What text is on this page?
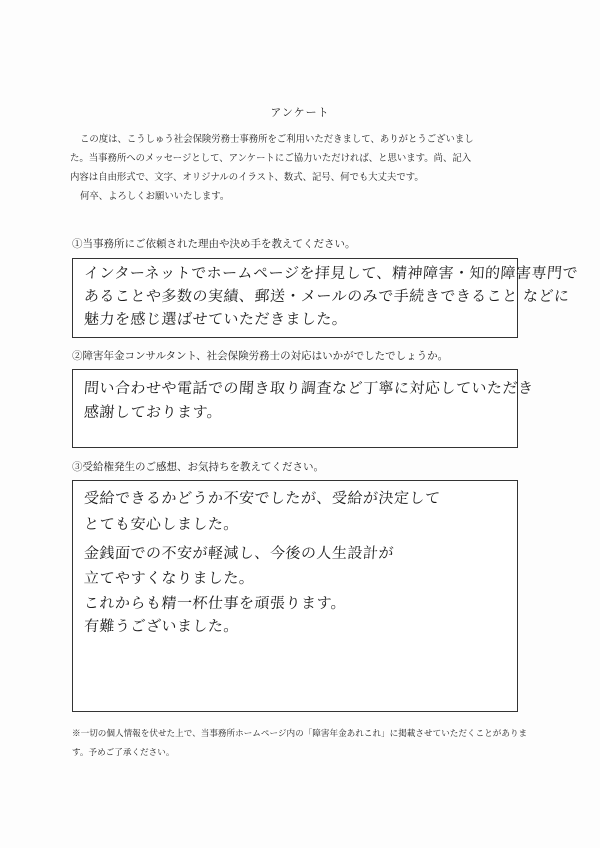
アンケート

この度は、こうしゅう社会保険労務士事務所をご利用いただきまして、ありがとうございまし

た。当事務所へのメッセージとして、アンケートにご協力いただければ、と思います。尚、記入

内容は自由形式で、文字、オリジナルのイラスト、数式、記号、何でも大丈夫です。

何卒、よろしくお願いいたします。

①当事務所にご依頼された理由や決め手を教えてください。
インターネットでホームページを拝見して、精神障害・知的障害専門で
あることや多数の実績、郵送・メールのみで手続きできること などに
魅力を感じ選ばせていただきました。
②障害年金コンサルタント、社会保険労務士の対応はいかがでしたでしょうか。
問い合わせや電話での聞き取り調査など丁寧に対応していただき
感謝しております。
③受給権発生のご感想、お気持ちを教えてください。
受給できるかどうか不安でしたが、受給が決定して
とても安心しました。
金銭面での不安が軽減し、今後の人生設計が
立てやすくなりました。
これからも精一杯仕事を頑張ります。
有難うございました。

※一切の個人情報を伏せた上で、当事務所ホームページ内の「障害年金あれこれ」に掲載させていただくことがありま

す。予めご了承ください。
